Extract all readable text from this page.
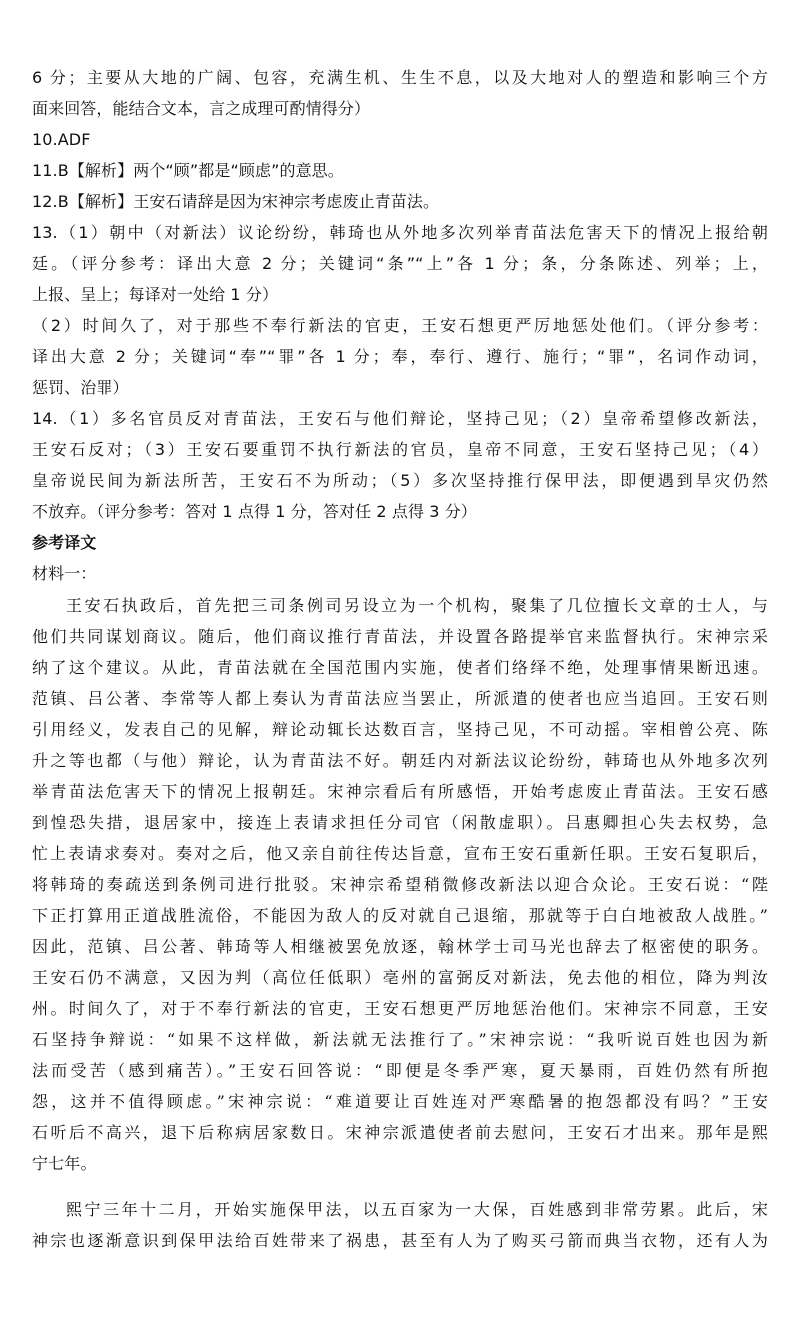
6 分；主要从大地的广阔、包容，充满生机、生生不息，以及大地对人的塑造和影响三个方
面来回答，能结合文本，言之成理可酌情得分）
10.ADF
11.B【解析】两个“顾”都是“顾虑”的意思。
12.B【解析】王安石请辞是因为宋神宗考虑废止青苗法。
13.（1）朝中（对新法）议论纷纷，韩琦也从外地多次列举青苗法危害天下的情况上报给朝
廷。（评分参考：译出大意 2 分；关键词“条”“上”各 1 分；条，分条陈述、列举；上，
上报、呈上；每译对一处给 1 分）
（2）时间久了，对于那些不奉行新法的官吏，王安石想更严厉地惩处他们。（评分参考：
译出大意 2 分；关键词“奉”“罪”各 1 分；奉，奉行、遵行、施行；“罪”，名词作动词，
惩罚、治罪）
14.（1）多名官员反对青苗法，王安石与他们辩论，坚持己见；（2）皇帝希望修改新法，
王安石反对；（3）王安石要重罚不执行新法的官员，皇帝不同意，王安石坚持己见；（4）
皇帝说民间为新法所苦，王安石不为所动；（5）多次坚持推行保甲法，即便遇到旱灾仍然
不放弃。（评分参考：答对 1 点得 1 分，答对任 2 点得 3 分）
参考译文
材料一：
王安石执政后，首先把三司条例司另设立为一个机构，聚集了几位擅长文章的士人，与
他们共同谋划商议。随后，他们商议推行青苗法，并设置各路提举官来监督执行。宋神宗采
纳了这个建议。从此，青苗法就在全国范围内实施，使者们络绎不绝，处理事情果断迅速。
范镇、吕公著、李常等人都上奏认为青苗法应当罢止，所派遣的使者也应当追回。王安石则
引用经义，发表自己的见解，辩论动辄长达数百言，坚持己见，不可动摇。宰相曾公亮、陈
升之等也都（与他）辩论，认为青苗法不好。朝廷内对新法议论纷纷，韩琦也从外地多次列
举青苗法危害天下的情况上报朝廷。宋神宗看后有所感悟，开始考虑废止青苗法。王安石感
到惶恐失措，退居家中，接连上表请求担任分司官（闲散虚职）。吕惠卿担心失去权势，急
忙上表请求奏对。奏对之后，他又亲自前往传达旨意，宣布王安石重新任职。王安石复职后，
将韩琦的奏疏送到条例司进行批驳。宋神宗希望稍微修改新法以迎合众论。王安石说：“陛
下正打算用正道战胜流俗，不能因为敌人的反对就自己退缩，那就等于白白地被敌人战胜。”
因此，范镇、吕公著、韩琦等人相继被罢免放逐，翰林学士司马光也辞去了枢密使的职务。
王安石仍不满意，又因为判（高位任低职）亳州的富弼反对新法，免去他的相位，降为判汝
州。时间久了，对于不奉行新法的官吏，王安石想更严厉地惩治他们。宋神宗不同意，王安
石坚持争辩说：“如果不这样做，新法就无法推行了。”宋神宗说：“我听说百姓也因为新
法而受苦（感到痛苦）。”王安石回答说：“即便是冬季严寒，夏天暴雨，百姓仍然有所抱
怨，这并不值得顾虑。”宋神宗说：“难道要让百姓连对严寒酷暑的抱怨都没有吗？”王安
石听后不高兴，退下后称病居家数日。宋神宗派遣使者前去慰问，王安石才出来。那年是熙
宁七年。
熙宁三年十二月，开始实施保甲法，以五百家为一大保，百姓感到非常劳累。此后，宋
神宗也逐渐意识到保甲法给百姓带来了祸患，甚至有人为了购买弓箭而典当衣物，还有人为
